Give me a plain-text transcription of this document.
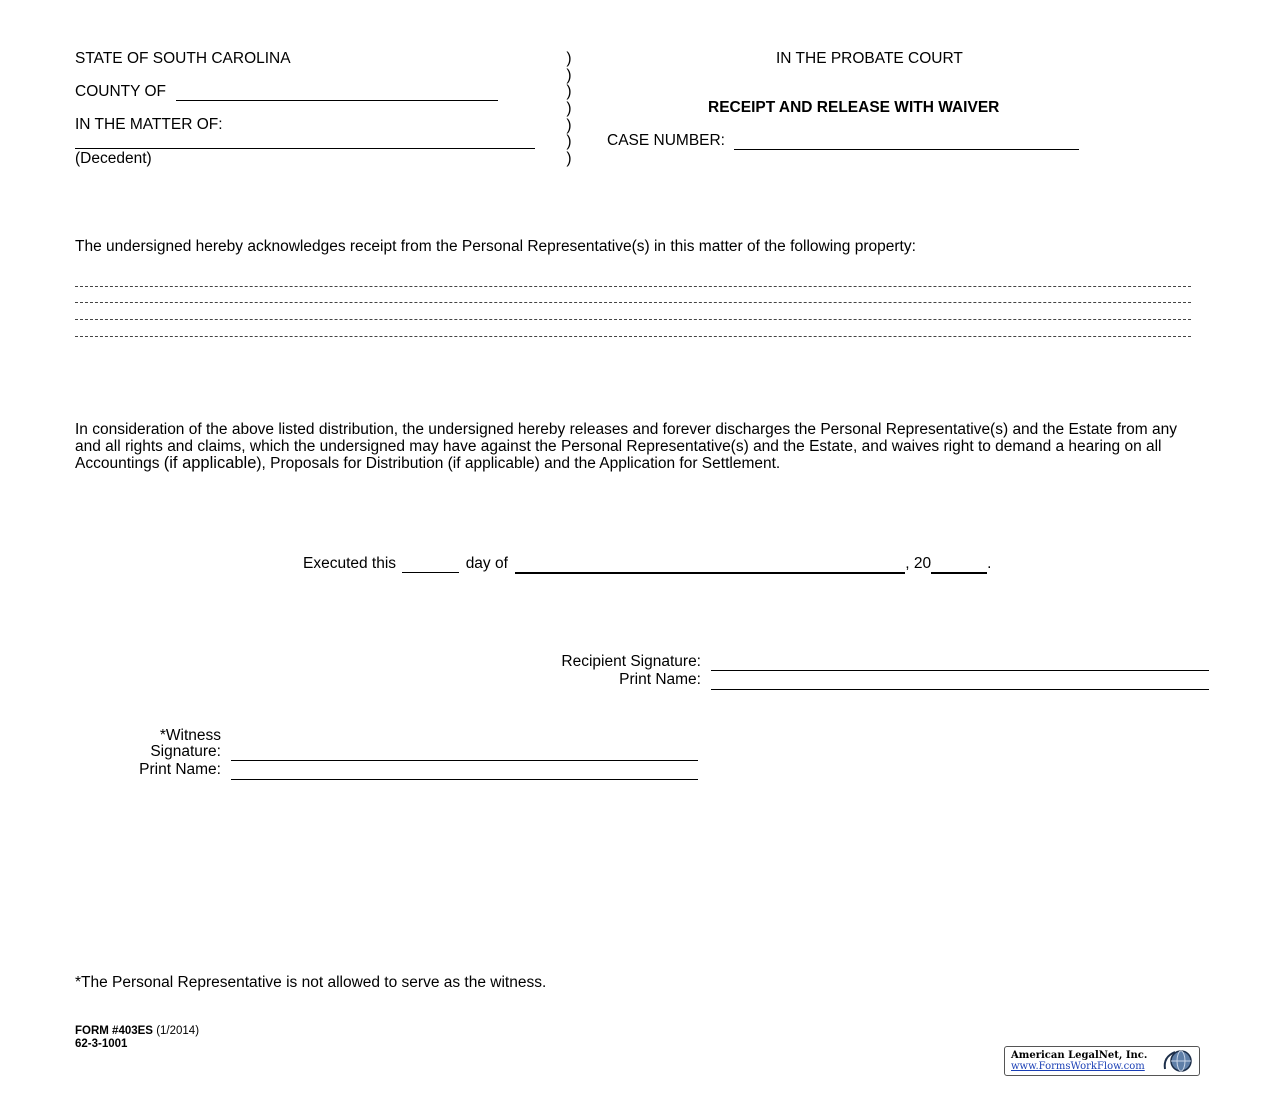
STATE OF SOUTH CAROLINA
COUNTY OF
IN THE MATTER OF:
(Decedent)
)
)
)
)
)
)
)
IN THE PROBATE COURT
RECEIPT AND RELEASE WITH WAIVER
CASE NUMBER:
The undersigned hereby acknowledges receipt from the Personal Representative(s) in this matter of the following property:
In consideration of the above listed distribution, the undersigned hereby releases and forever discharges the Personal Representative(s) and the Estate from any and all rights and claims, which the undersigned may have against the Personal Representative(s) and the Estate, and waives right to demand a hearing on all Accountings (if applicable), Proposals for Distribution (if applicable) and the Application for Settlement.
Executed this	day of	, 20	.
Recipient Signature:
Print Name:
*Witness
Signature:
Print Name:
*The Personal Representative is not allowed to serve as the witness.
FORM #403ES (1/2014)
62-3-1001
American LegalNet, Inc.
www.FormsWorkFlow.com
